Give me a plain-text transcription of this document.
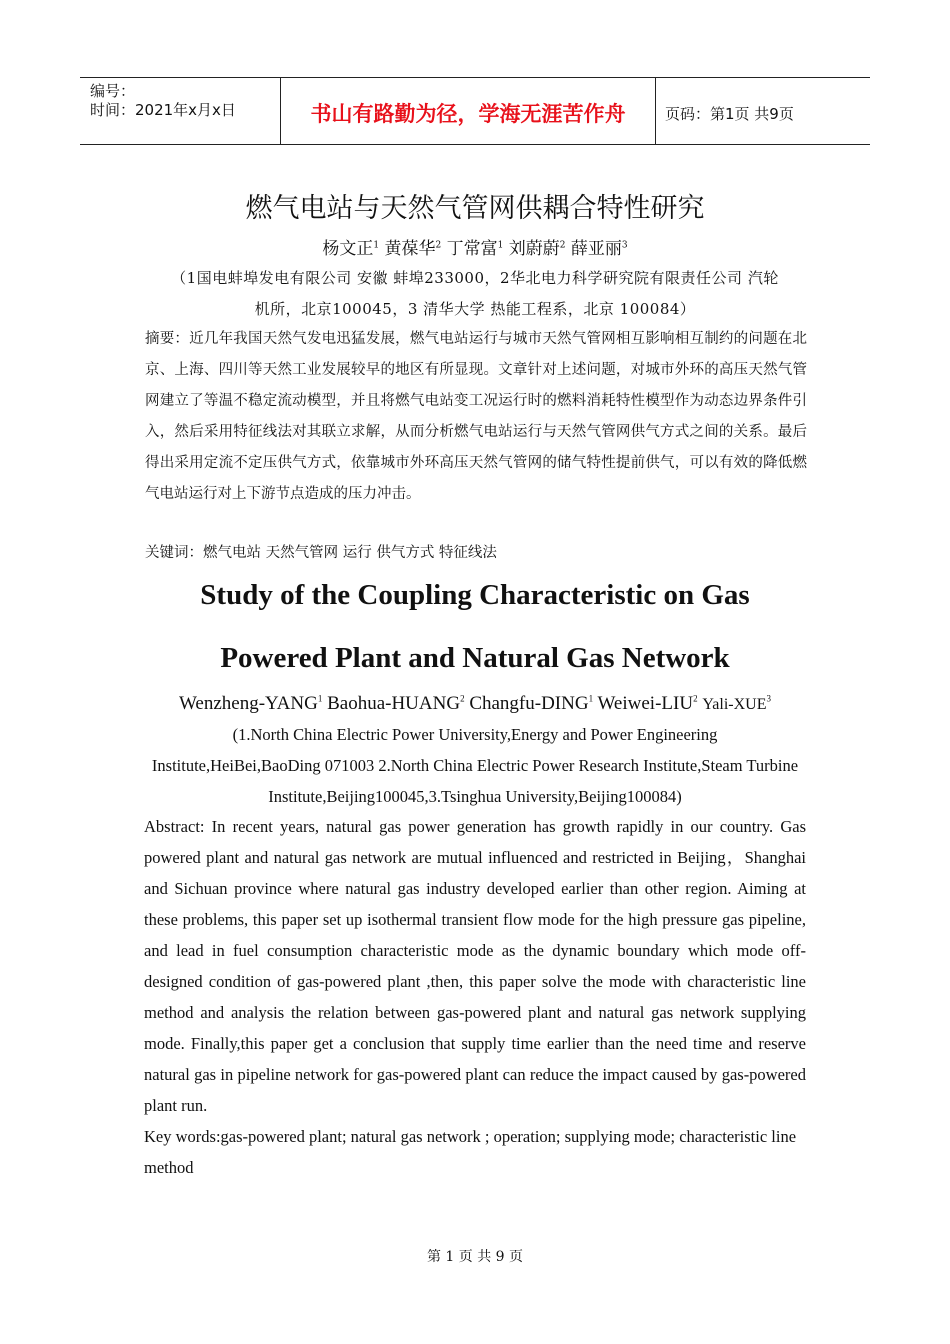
编号：
时间：2021年x月x日	书山有路勤为径，学海无涯苦作舟	页码：第1页 共9页
燃气电站与天然气管网供耦合特性研究
杨文正$^1$ 黄葆华$^2$ 丁常富$^1$ 刘蔚蔚$^2$ 薛亚丽$^3$
（1国电蚌埠发电有限公司 安徽 蚌埠233000，2华北电力科学研究院有限责任公司 汽轮
机所，北京100045，3 清华大学 热能工程系，北京 100084）
摘要：近几年我国天然气发电迅猛发展，燃气电站运行与城市天然气管网相互影响相互制约的问题在北京、上海、四川等天然工业发展较早的地区有所显现。文章针对上述问题，对城市外环的高压天然气管网建立了等温不稳定流动模型，并且将燃气电站变工况运行时的燃料消耗特性模型作为动态边界条件引入，然后采用特征线法对其联立求解，从而分析燃气电站运行与天然气管网供气方式之间的关系。最后得出采用定流不定压供气方式，依靠城市外环高压天然气管网的储气特性提前供气，可以有效的降低燃气电站运行对上下游节点造成的压力冲击。
关键词：燃气电站 天然气管网 运行 供气方式 特征线法
Study of the Coupling Characteristic on Gas
Powered Plant and Natural Gas Network
Wenzheng-YANG$^1$ Baohua-HUANG$^2$ Changfu-DING$^1$ Weiwei-LIU$^2$ Yali-XUE$^3$
(1.North China Electric Power University,Energy and Power Engineering
Institute,HeiBei,BaoDing 071003 2.North China Electric Power Research Institute,Steam Turbine
Institute,Beijing100045,3.Tsinghua University,Beijing100084)
Abstract: In recent years, natural gas power generation has growth rapidly in our country. Gas powered plant and natural gas network are mutual influenced and restricted in Beijing，Shanghai and Sichuan province where natural gas industry developed earlier than other region. Aiming at these problems, this paper set up isothermal transient flow mode for the high pressure gas pipeline, and lead in fuel consumption characteristic mode as the dynamic boundary which mode off-designed condition of gas-powered plant ,then, this paper solve the mode with characteristic line method and analysis the relation between gas-powered plant and natural gas network supplying mode. Finally,this paper get a conclusion that supply time earlier than the need time and reserve natural gas in pipeline network for gas-powered plant can reduce the impact caused by gas-powered plant run.
Key words:gas-powered plant; natural gas network ; operation; supplying mode; characteristic line method
第 1 页 共 9 页
